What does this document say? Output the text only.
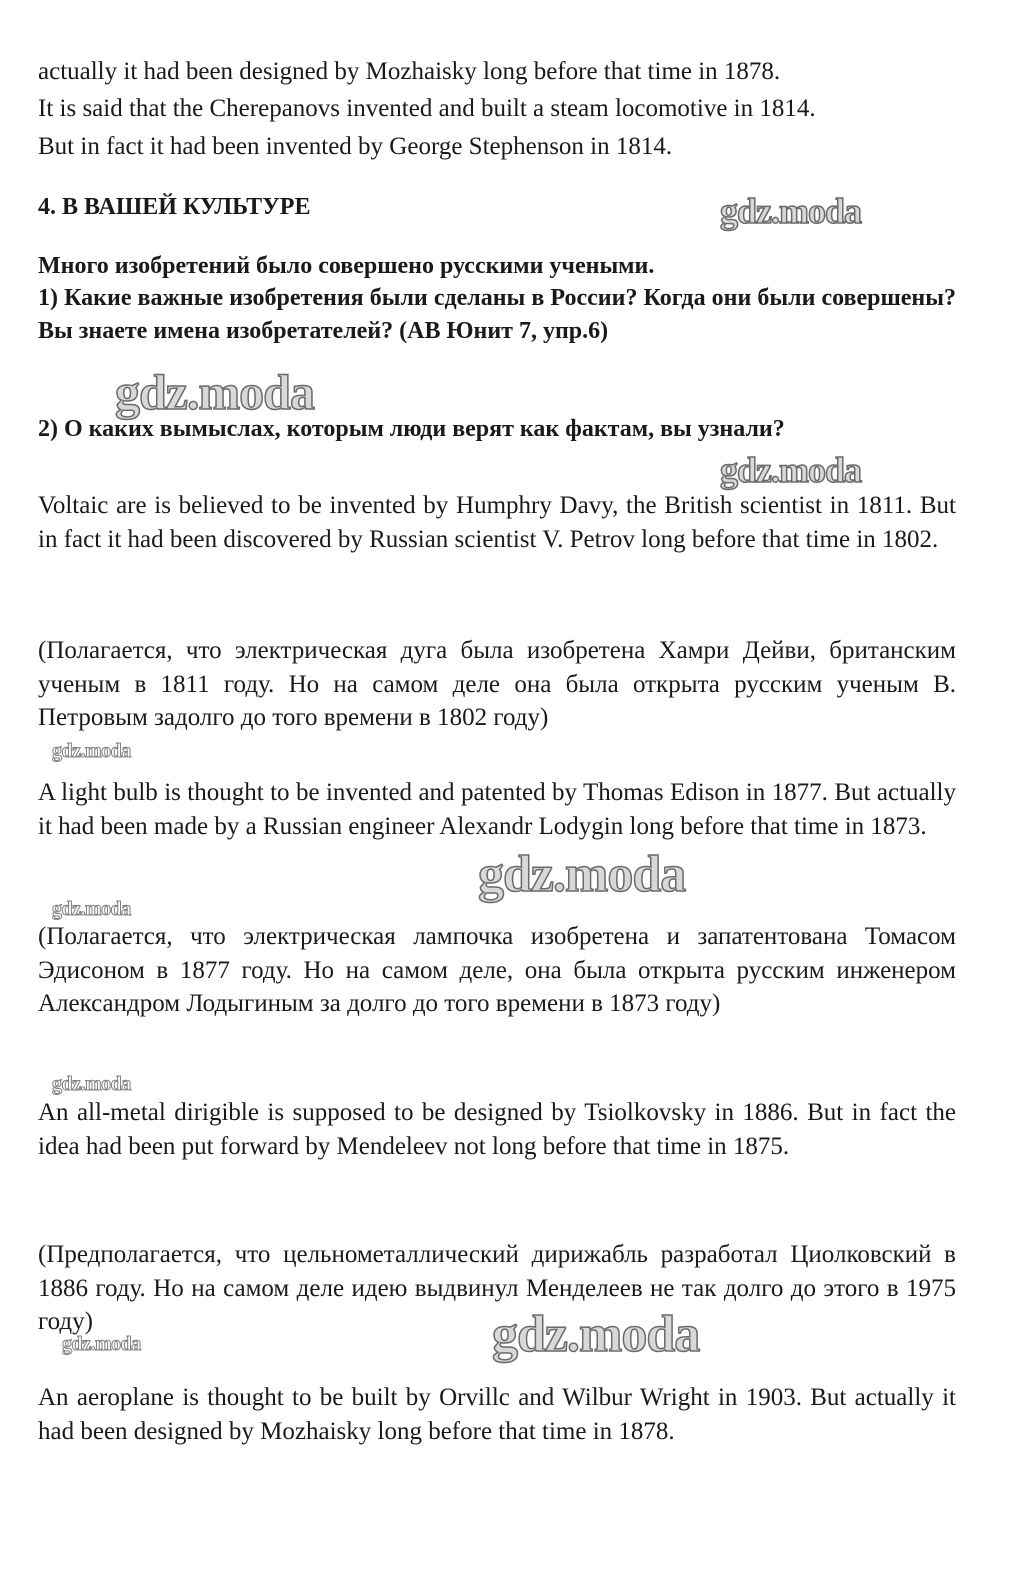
actually it had been designed by Mozhaisky long before that time in 1878.
It is said that the Cherepanovs invented and built a steam locomotive in 1814.
But in fact it had been invented by George Stephenson in 1814.
4. В ВАШЕЙ КУЛЬТУРЕ
Много изобретений было совершено русскими учеными.
1) Какие важные изобретения были сделаны в России? Когда они были совершены? Вы знаете имена изобретателей? (АВ Юнит 7, упр.6)
2) О каких вымыслах, которым люди верят как фактам, вы узнали?
Voltaic are is believed to be invented by Humphry Davy, the British scientist in 1811. But in fact it had been discovered by Russian scientist V. Petrov long before that time in 1802.
(Полагается, что электрическая дуга была изобретена Хамри Дейви, британским ученым в 1811 году. Но на самом деле она была открыта русским ученым В. Петровым задолго до того времени в 1802 году)
A light bulb is thought to be invented and patented by Thomas Edison in 1877. But actually it had been made by a Russian engineer Alexandr Lodygin long before that time in 1873.
(Полагается, что электрическая лампочка изобретена и запатентована Томасом Эдисоном в 1877 году. Но на самом деле, она была открыта русским инженером Александром Лодыгиным за долго до того времени в 1873 году)
An all-metal dirigible is supposed to be designed by Tsiolkovsky in 1886. But in fact the idea had been put forward by Mendeleev not long before that time in 1875.
(Предполагается, что цельнометаллический дирижабль разработал Циолковский в 1886 году. Но на самом деле идею выдвинул Менделеев не так долго до этого в 1975 году)
An aeroplane is thought to be built by Orvillc and Wilbur Wright in 1903. But actually it had been designed by Mozhaisky long before that time in 1878.
gdz.moda
gdz.moda
gdz.moda
gdz.moda
gdz.moda
gdz.moda
gdz.moda
gdz.moda
gdz.moda
